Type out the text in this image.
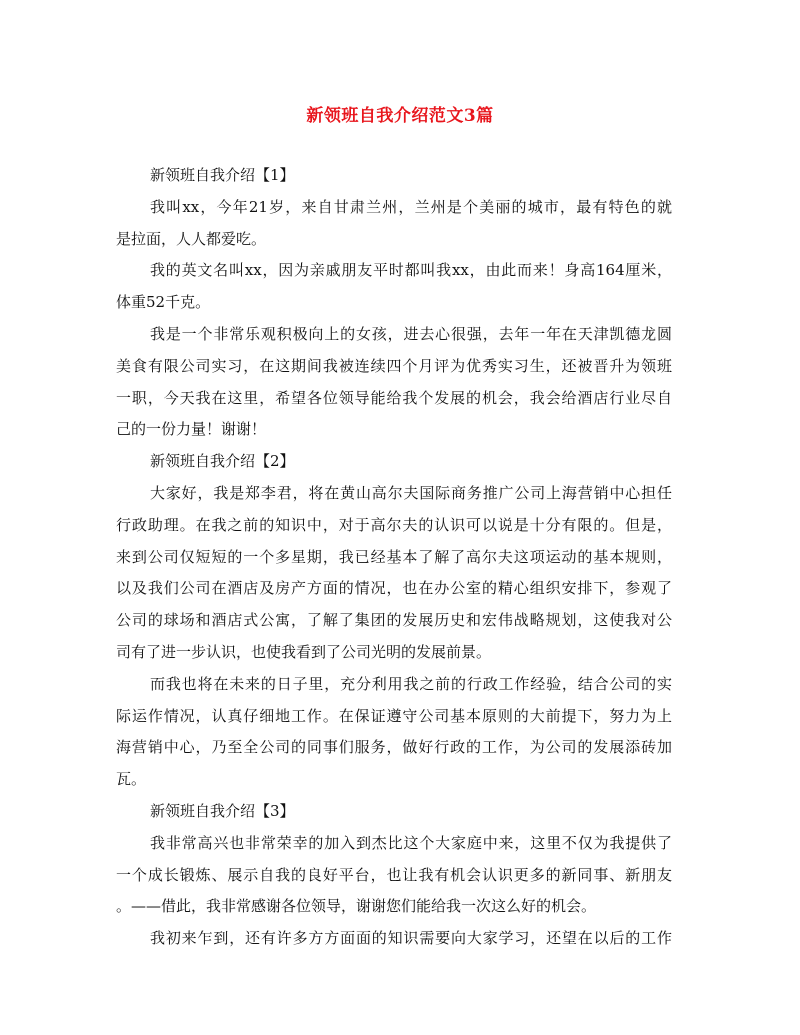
新领班自我介绍范文3篇
新领班自我介绍【1】
我叫xx，今年21岁，来自甘肃兰州，兰州是个美丽的城市，最有特色的就
是拉面，人人都爱吃。
我的英文名叫xx，因为亲戚朋友平时都叫我xx，由此而来！身高164厘米，
体重52千克。
我是一个非常乐观积极向上的女孩，进去心很强，去年一年在天津凯德龙圆
美食有限公司实习，在这期间我被连续四个月评为优秀实习生，还被晋升为领班
一职，今天我在这里，希望各位领导能给我个发展的机会，我会给酒店行业尽自
己的一份力量！谢谢！
新领班自我介绍【2】
大家好，我是郑李君，将在黄山高尔夫国际商务推广公司上海营销中心担任
行政助理。在我之前的知识中，对于高尔夫的认识可以说是十分有限的。但是，
来到公司仅短短的一个多星期，我已经基本了解了高尔夫这项运动的基本规则，
以及我们公司在酒店及房产方面的情况，也在办公室的精心组织安排下，参观了
公司的球场和酒店式公寓，了解了集团的发展历史和宏伟战略规划，这使我对公
司有了进一步认识，也使我看到了公司光明的发展前景。
而我也将在未来的日子里，充分利用我之前的行政工作经验，结合公司的实
际运作情况，认真仔细地工作。在保证遵守公司基本原则的大前提下，努力为上
海营销中心，乃至全公司的同事们服务，做好行政的工作，为公司的发展添砖加
瓦。
新领班自我介绍【3】
我非常高兴也非常荣幸的加入到杰比这个大家庭中来，这里不仅为我提供了
一个成长锻炼、展示自我的良好平台，也让我有机会认识更多的新同事、新朋友
。——借此，我非常感谢各位领导，谢谢您们能给我一次这么好的机会。
我初来乍到，还有许多方方面面的知识需要向大家学习，还望在以后的工作
